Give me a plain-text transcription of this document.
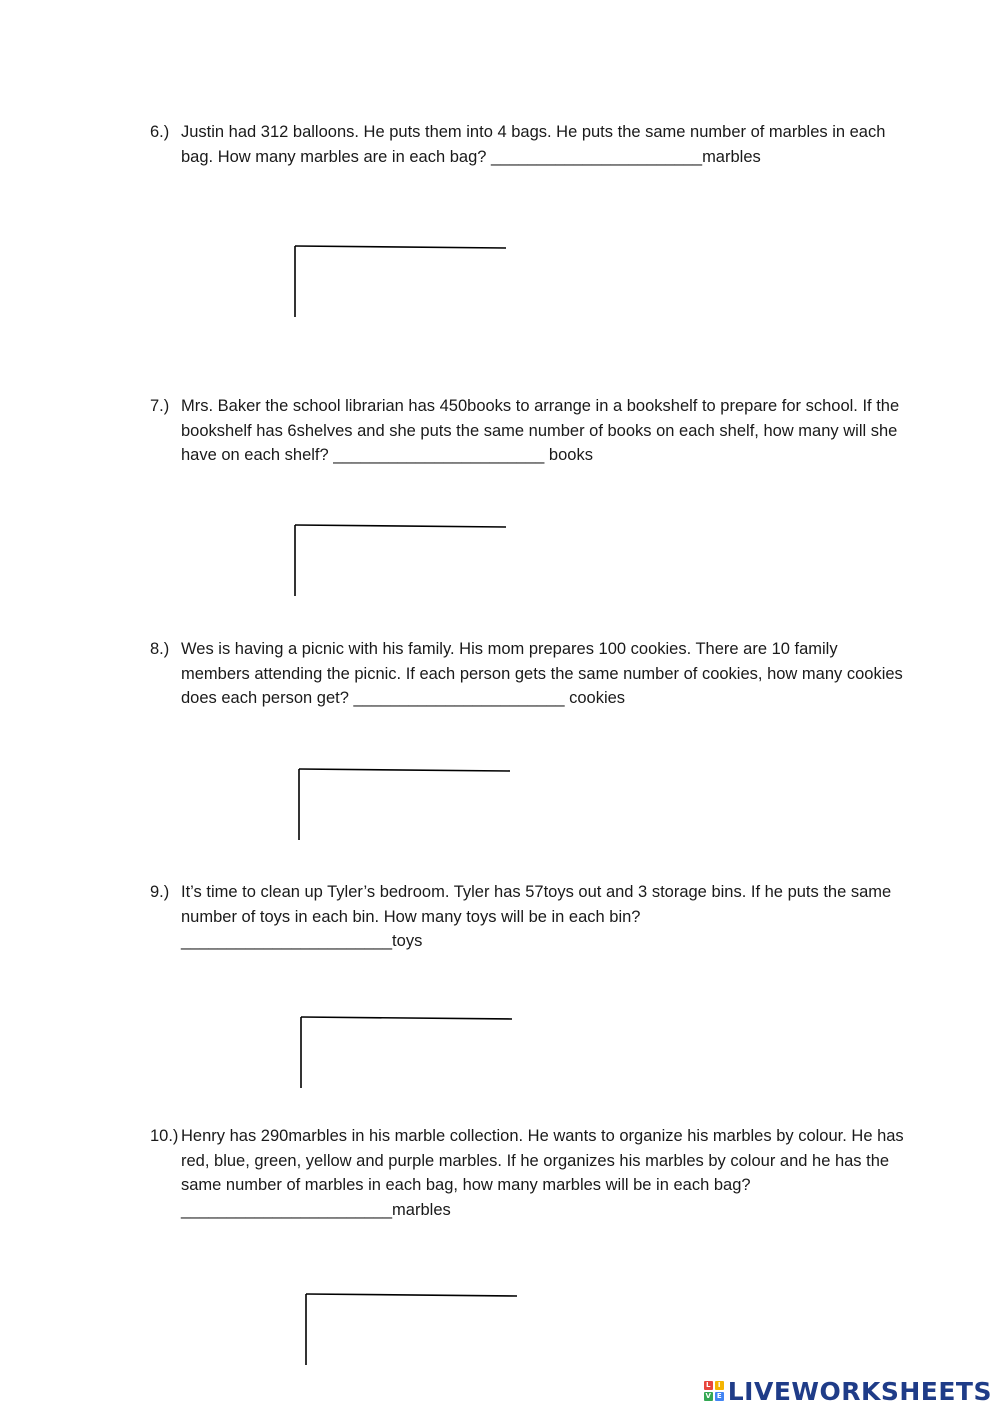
6.) Justin had 312 balloons. He puts them into 4 bags. He puts the same number of marbles in each bag. How many marbles are in each bag? _______________________marbles
7.) Mrs. Baker the school librarian has 450books to arrange in a bookshelf to prepare for school. If the bookshelf has 6shelves and she puts the same number of books on each shelf, how many will she have on each shelf? _______________________ books
8.) Wes is having a picnic with his family. His mom prepares 100 cookies. There are 10 family members attending the picnic. If each person gets the same number of cookies, how many cookies does each person get? _______________________ cookies
9.) It’s time to clean up Tyler’s bedroom. Tyler has 57toys out and 3 storage bins. If he puts the same number of toys in each bin. How many toys will be in each bin?
_______________________toys
10.) Henry has 290marbles in his marble collection. He wants to organize his marbles by colour. He has red, blue, green, yellow and purple marbles. If he organizes his marbles by colour and he has the same number of marbles in each bag, how many marbles will be in each bag?
_______________________marbles
L	I
V E LIVEWORKSHEETS
